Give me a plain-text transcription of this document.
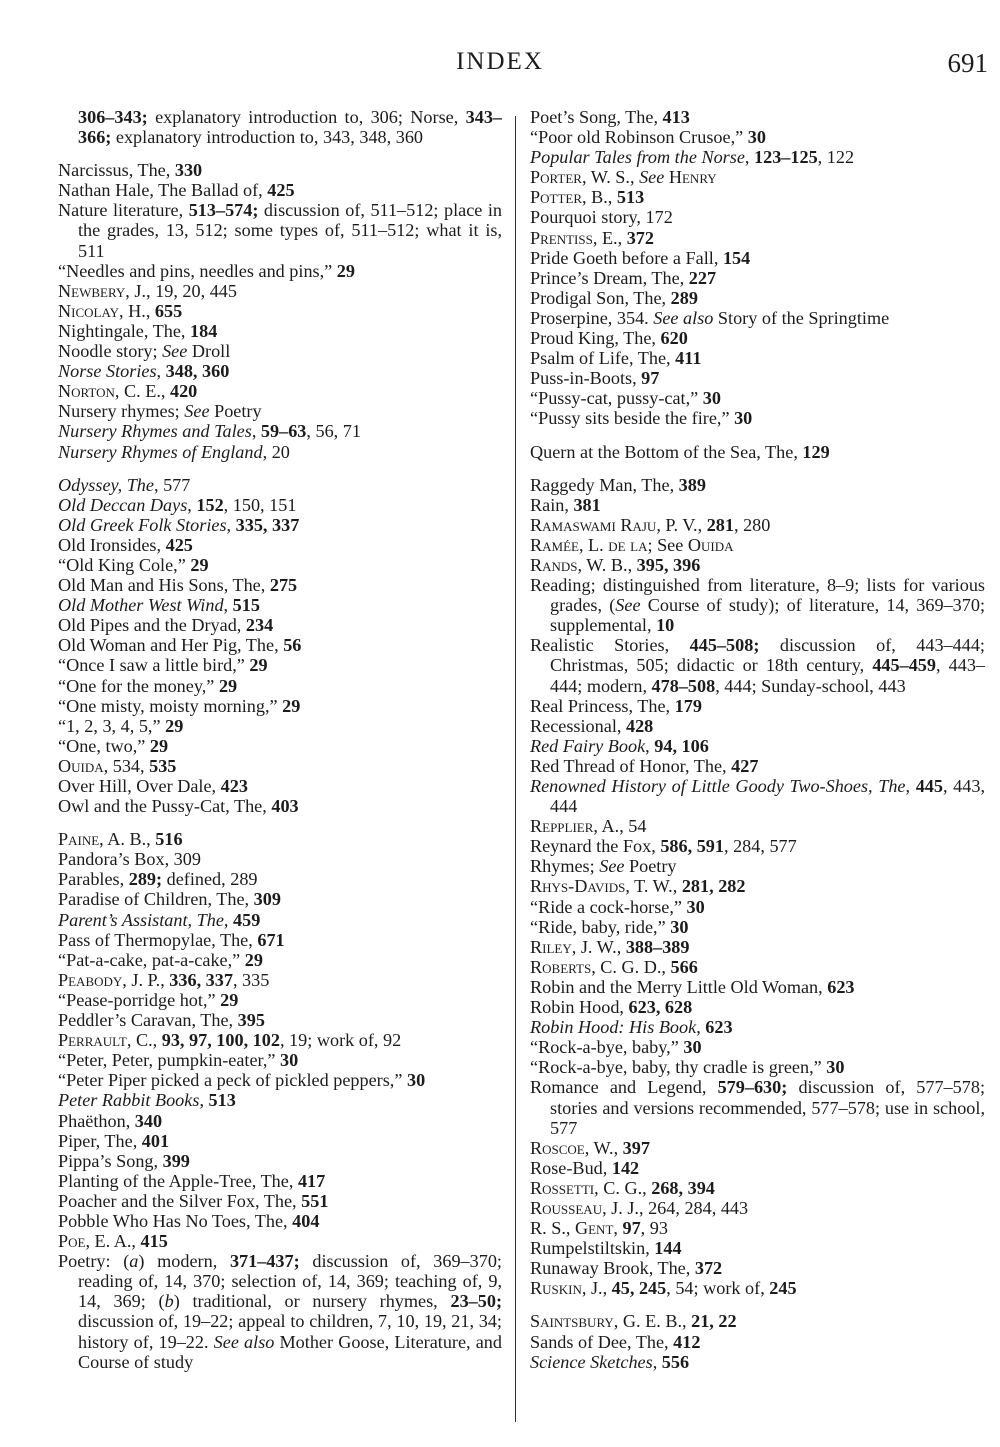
INDEX	691
306–343; explanatory introduction to, 306; Norse, 343–366; explanatory introduction to, 343, 348, 360
Narcissus, The, 330
Nathan Hale, The Ballad of, 425
Nature literature, 513–574; discussion of, 511–512; place in the grades, 13, 512; some types of, 511–512; what it is, 511
“Needles and pins, needles and pins,” 29
Newbery, J., 19, 20, 445
Nicolay, H., 655
Nightingale, The, 184
Noodle story; See Droll
Norse Stories, 348, 360
Norton, C. E., 420
Nursery rhymes; See Poetry
Nursery Rhymes and Tales, 59–63, 56, 71
Nursery Rhymes of England, 20
Odyssey, The, 577
Old Deccan Days, 152, 150, 151
Old Greek Folk Stories, 335, 337
Old Ironsides, 425
“Old King Cole,” 29
Old Man and His Sons, The, 275
Old Mother West Wind, 515
Old Pipes and the Dryad, 234
Old Woman and Her Pig, The, 56
“Once I saw a little bird,” 29
“One for the money,” 29
“One misty, moisty morning,” 29
“1, 2, 3, 4, 5,” 29
“One, two,” 29
Ouida, 534, 535
Over Hill, Over Dale, 423
Owl and the Pussy-Cat, The, 403
Paine, A. B., 516
Pandora’s Box, 309
Parables, 289; defined, 289
Paradise of Children, The, 309
Parent’s Assistant, The, 459
Pass of Thermopylae, The, 671
“Pat-a-cake, pat-a-cake,” 29
Peabody, J. P., 336, 337, 335
“Pease-porridge hot,” 29
Peddler’s Caravan, The, 395
Perrault, C., 93, 97, 100, 102, 19; work of, 92
“Peter, Peter, pumpkin-eater,” 30
“Peter Piper picked a peck of pickled peppers,” 30
Peter Rabbit Books, 513
Phaëthon, 340
Piper, The, 401
Pippa’s Song, 399
Planting of the Apple-Tree, The, 417
Poacher and the Silver Fox, The, 551
Pobble Who Has No Toes, The, 404
Poe, E. A., 415
Poetry: (a) modern, 371–437; discussion of, 369–370; reading of, 14, 370; selection of, 14, 369; teaching of, 9, 14, 369; (b) traditional, or nursery rhymes, 23–50; discussion of, 19–22; appeal to children, 7, 10, 19, 21, 34; history of, 19–22. See also Mother Goose, Literature, and Course of study
Poet’s Song, The, 413
“Poor old Robinson Crusoe,” 30
Popular Tales from the Norse, 123–125, 122
Porter, W. S., See Henry
Potter, B., 513
Pourquoi story, 172
Prentiss, E., 372
Pride Goeth before a Fall, 154
Prince’s Dream, The, 227
Prodigal Son, The, 289
Proserpine, 354. See also Story of the Springtime
Proud King, The, 620
Psalm of Life, The, 411
Puss-in-Boots, 97
“Pussy-cat, pussy-cat,” 30
“Pussy sits beside the fire,” 30
Quern at the Bottom of the Sea, The, 129
Raggedy Man, The, 389
Rain, 381
Ramaswami Raju, P. V., 281, 280
Ramée, L. de la; See Ouida
Rands, W. B., 395, 396
Reading; distinguished from literature, 8–9; lists for various grades, (See Course of study); of literature, 14, 369–370; supplemental, 10
Realistic Stories, 445–508; discussion of, 443–444; Christmas, 505; didactic or 18th century, 445–459, 443–444; modern, 478–508, 444; Sunday-school, 443
Real Princess, The, 179
Recessional, 428
Red Fairy Book, 94, 106
Red Thread of Honor, The, 427
Renowned History of Little Goody Two-Shoes, The, 445, 443, 444
Repplier, A., 54
Reynard the Fox, 586, 591, 284, 577
Rhymes; See Poetry
Rhys-Davids, T. W., 281, 282
“Ride a cock-horse,” 30
“Ride, baby, ride,” 30
Riley, J. W., 388–389
Roberts, C. G. D., 566
Robin and the Merry Little Old Woman, 623
Robin Hood, 623, 628
Robin Hood: His Book, 623
“Rock-a-bye, baby,” 30
“Rock-a-bye, baby, thy cradle is green,” 30
Romance and Legend, 579–630; discussion of, 577–578; stories and versions recommended, 577–578; use in school, 577
Roscoe, W., 397
Rose-Bud, 142
Rossetti, C. G., 268, 394
Rousseau, J. J., 264, 284, 443
R. S., Gent, 97, 93
Rumpelstiltskin, 144
Runaway Brook, The, 372
Ruskin, J., 45, 245, 54; work of, 245
Saintsbury, G. E. B., 21, 22
Sands of Dee, The, 412
Science Sketches, 556
